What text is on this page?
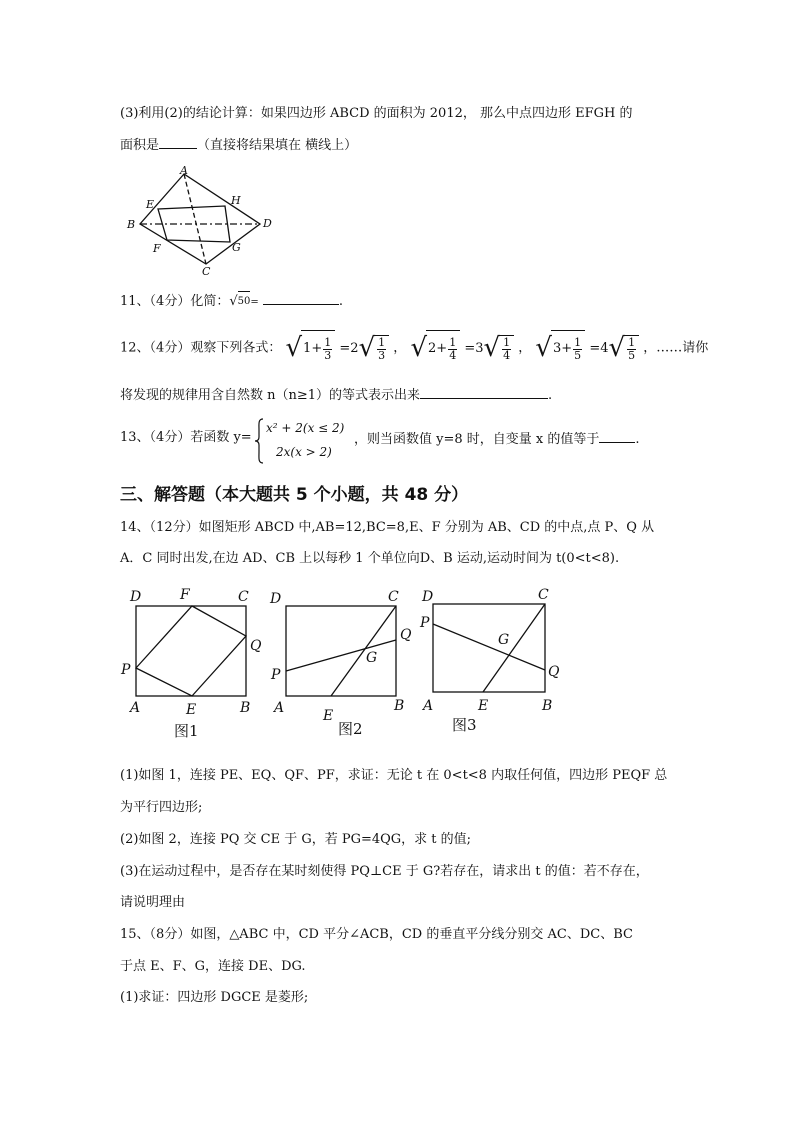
(3)利用(2)的结论计算：如果四边形 ABCD 的面积为 2012， 那么中点四边形 EFGH 的
面积是	（直接将结果填在 横线上）
A
B
C
D
E
F	G
H
11、（4分）化简： √ 50 =	.
12、（4分）观察下列各式： √ $1 + \frac{1}{3} =2$ √ $\frac{1}{3}$ ， √ $2 + \frac{1}{4} =3$ √ $\frac{1}{4}$ ， √ $3 + \frac{1}{5} =4$ √ $\frac{1}{5}$ ，……请你
将发现的规律用含自然数 n（n≥1）的等式表示出来	.
13、（4分）若函数 y=
x² + 2(x ≤ 2)
2x(x > 2)
，则当函数值 y=8 时，自变量 x 的值等于	.
三、解答题（本大题共 5 个小题，共 48 分）
14、（12分）如图矩形 ABCD 中,AB=12,BC=8,E、F 分别为 AB、CD 的中点,点 P、Q 从
A．C 同时出发,在边 AD、CB 上以每秒 1 个单位向D、B 运动,运动时间为 t(0<t<8).
D	F	C
P
Q
A	E	B
D	C
Q
G
P
A	E
B
D	C
P
G
Q
A	E	B
图1	图2	图3
(1)如图 1，连接 PE、EQ、QF、PF，求证：无论 t 在 0<t<8 内取任何值，四边形 PEQF 总
为平行四边形;
(2)如图 2，连接 PQ 交 CE 于 G，若 PG=4QG，求 t 的值;
(3)在运动过程中，是否存在某时刻使得 PQ⊥CE 于 G?若存在，请求出 t 的值：若不存在，
请说明理由
15、（8分）如图，△ABC 中，CD 平分∠ACB，CD 的垂直平分线分别交 AC、DC、BC
于点 E、F、G，连接 DE、DG.
(1)求证：四边形 DGCE 是菱形;
